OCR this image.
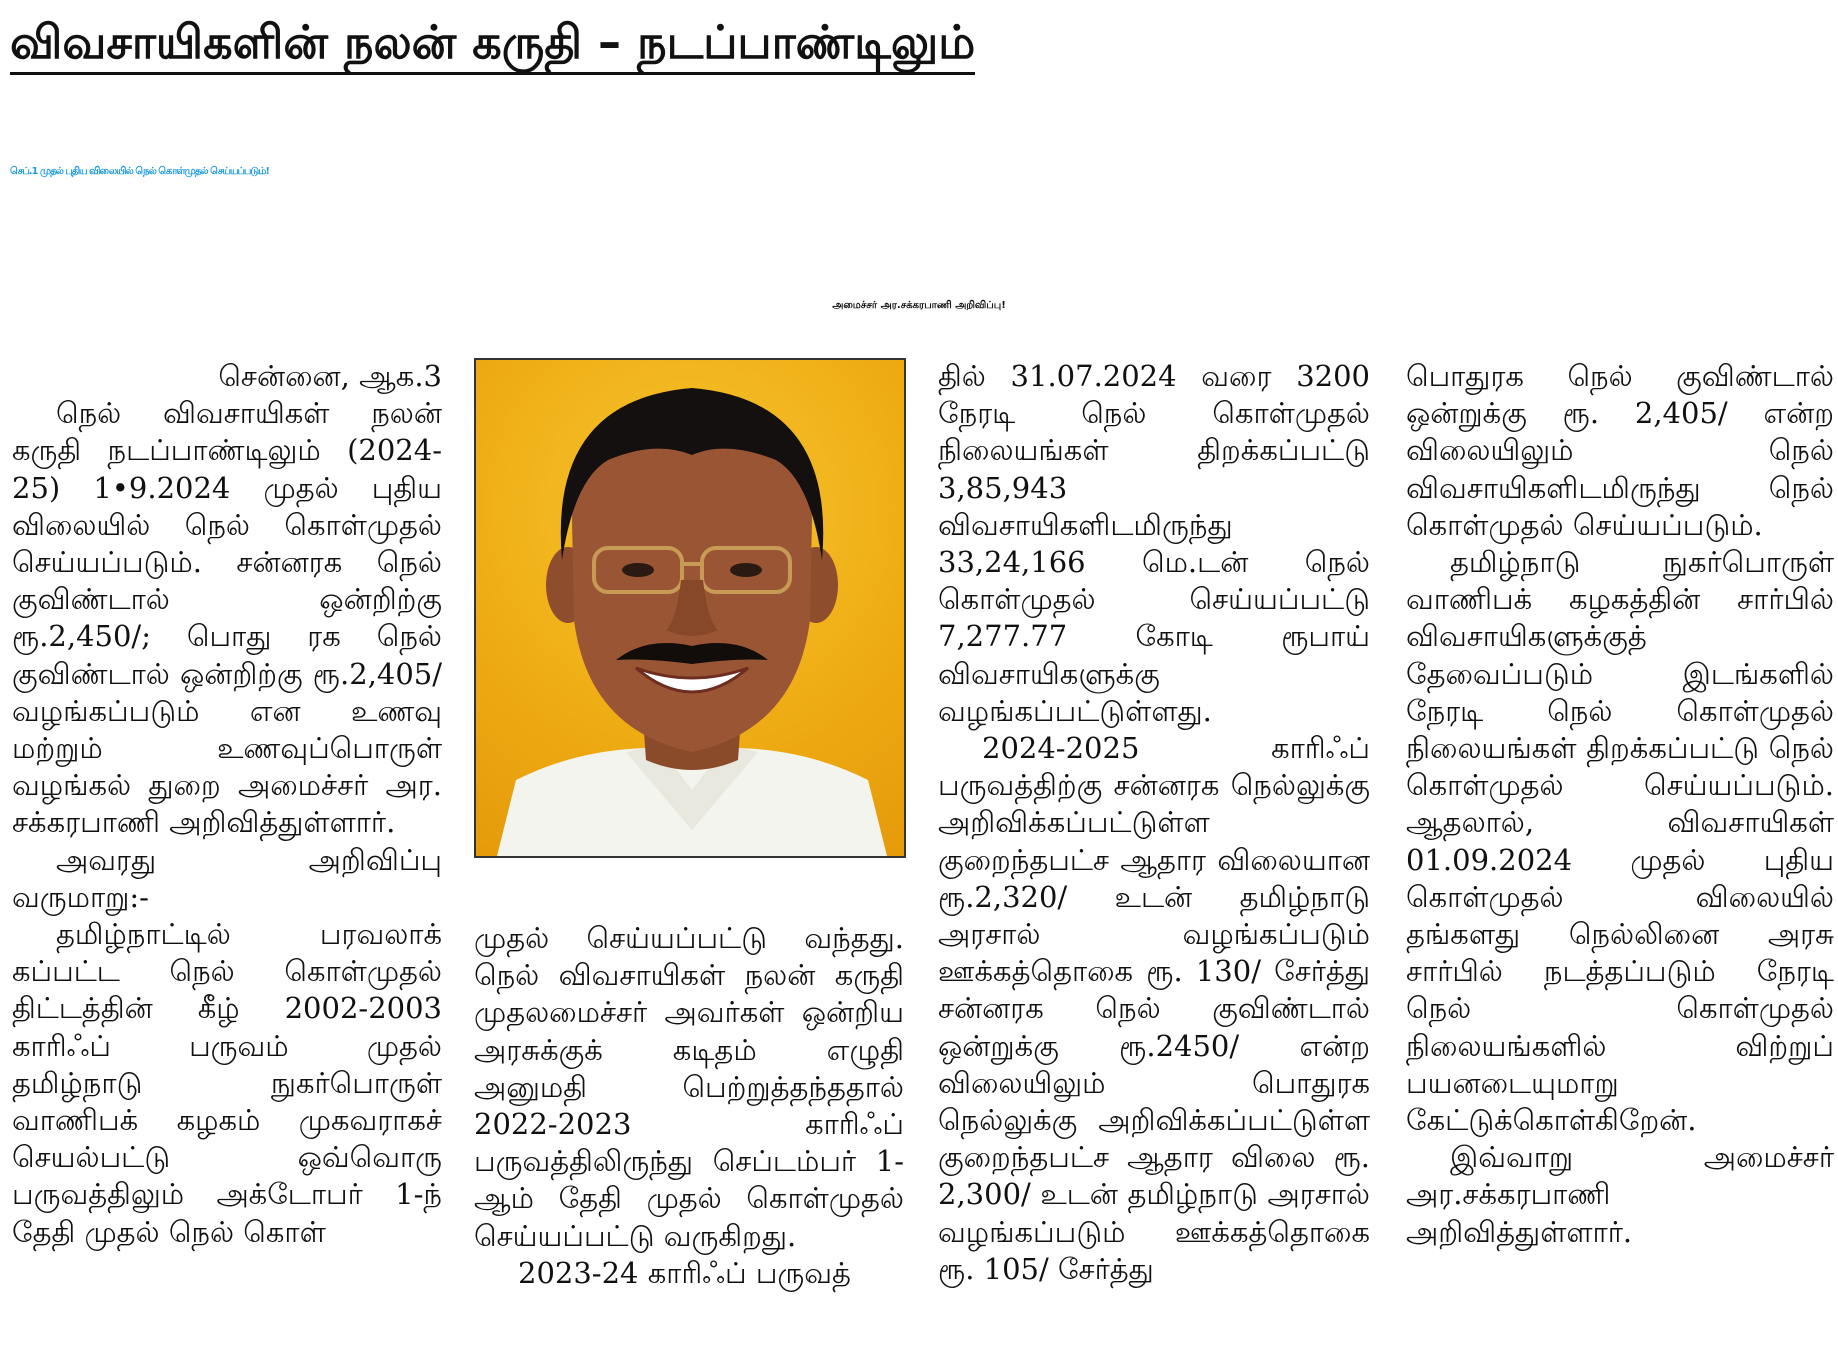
விவசாயிகளின் நலன் கருதி – நடப்பாண்டிலும்
செப்.1 முதல் புதிய விலையில் நெல் கொள்முதல் செய்யப்படும்!
அமைச்சர் அர.சக்கரபாணி அறிவிப்பு!

சென்னை, ஆக.3

நெல் விவசாயிகள் நலன் கருதி நடப்பாண்டிலும் (2024-25) 1•9.2024 முதல் புதிய விலையில் நெல் கொள்முதல் செய்யப்படும். சன்னரக நெல் குவிண்டால் ஒன்றிற்கு ரூ.2,450/; பொது ரக நெல் குவிண்டால் ஒன்றிற்கு ரூ.2,405/ வழங்கப்படும் என உணவு மற்றும் உணவுப்பொருள் வழங்கல் துறை அமைச்சர் அர. சக்கரபாணி அறிவித்துள்ளார்.

அவரது அறிவிப்பு வருமாறு:-

தமிழ்நாட்டில் பரவலாக் கப்பட்ட நெல் கொள்முதல் திட்டத்தின் கீழ் 2002-2003 காரிஃப் பருவம் முதல் தமிழ்நாடு நுகர்பொருள் வாணிபக் கழகம் முகவராகச் செயல்பட்டு ஒவ்வொரு பருவத்திலும் அக்டோபர் 1-ந் தேதி முதல் நெல் கொள்

முதல் செய்யப்பட்டு வந்தது. நெல் விவசாயிகள் நலன் கருதி முதலமைச்சர் அவர்கள் ஒன்றிய அரசுக்குக் கடிதம் எழுதி அனுமதி பெற்றுத்தந்ததால் 2022-2023 காரிஃப் பருவத்திலிருந்து செப்டம்பர் 1-ஆம் தேதி முதல் கொள்முதல் செய்யப்பட்டு வருகிறது.

2023-24 காரிஃப் பருவத்

தில் 31.07.2024 வரை 3200 நேரடி நெல் கொள்முதல் நிலையங்கள் திறக்கப்பட்டு 3,85,943 விவசாயிகளிடமிருந்து 33,24,166 மெ.டன் நெல் கொள்முதல் செய்யப்பட்டு 7,277.77 கோடி ரூபாய் விவசாயிகளுக்கு வழங்கப்பட்டுள்ளது.

2024-2025 காரிஃப் பருவத்திற்கு சன்னரக நெல்லுக்கு அறிவிக்கப்பட்டுள்ள குறைந்தபட்ச ஆதார விலையான ரூ.2,320/ உடன் தமிழ்நாடு அரசால் வழங்கப்படும் ஊக்கத்தொகை ரூ. 130/ சேர்த்து சன்னரக நெல் குவிண்டால் ஒன்றுக்கு ரூ.2450/ என்ற விலையிலும் பொதுரக நெல்லுக்கு அறிவிக்கப்பட்டுள்ள குறைந்தபட்ச ஆதார விலை ரூ. 2,300/ உடன் தமிழ்நாடு அரசால் வழங்கப்படும் ஊக்கத்தொகை ரூ. 105/ சேர்த்து

பொதுரக நெல் குவிண்டால் ஒன்றுக்கு ரூ. 2,405/ என்ற விலையிலும் நெல் விவசாயிகளிடமிருந்து நெல் கொள்முதல் செய்யப்படும்.

தமிழ்நாடு நுகர்பொருள் வாணிபக் கழகத்தின் சார்பில் விவசாயிகளுக்குத் தேவைப்படும் இடங்களில் நேரடி நெல் கொள்முதல் நிலையங்கள் திறக்கப்பட்டு நெல் கொள்முதல் செய்யப்படும். ஆதலால், விவசாயிகள் 01.09.2024 முதல் புதிய கொள்முதல் விலையில் தங்களது நெல்லினை அரசு சார்பில் நடத்தப்படும் நேரடி நெல் கொள்முதல் நிலையங்களில் விற்றுப் பயனடையுமாறு கேட்டுக்கொள்கிறேன்.

இவ்வாறு அமைச்சர் அர.சக்கரபாணி அறிவித்துள்ளார்.
